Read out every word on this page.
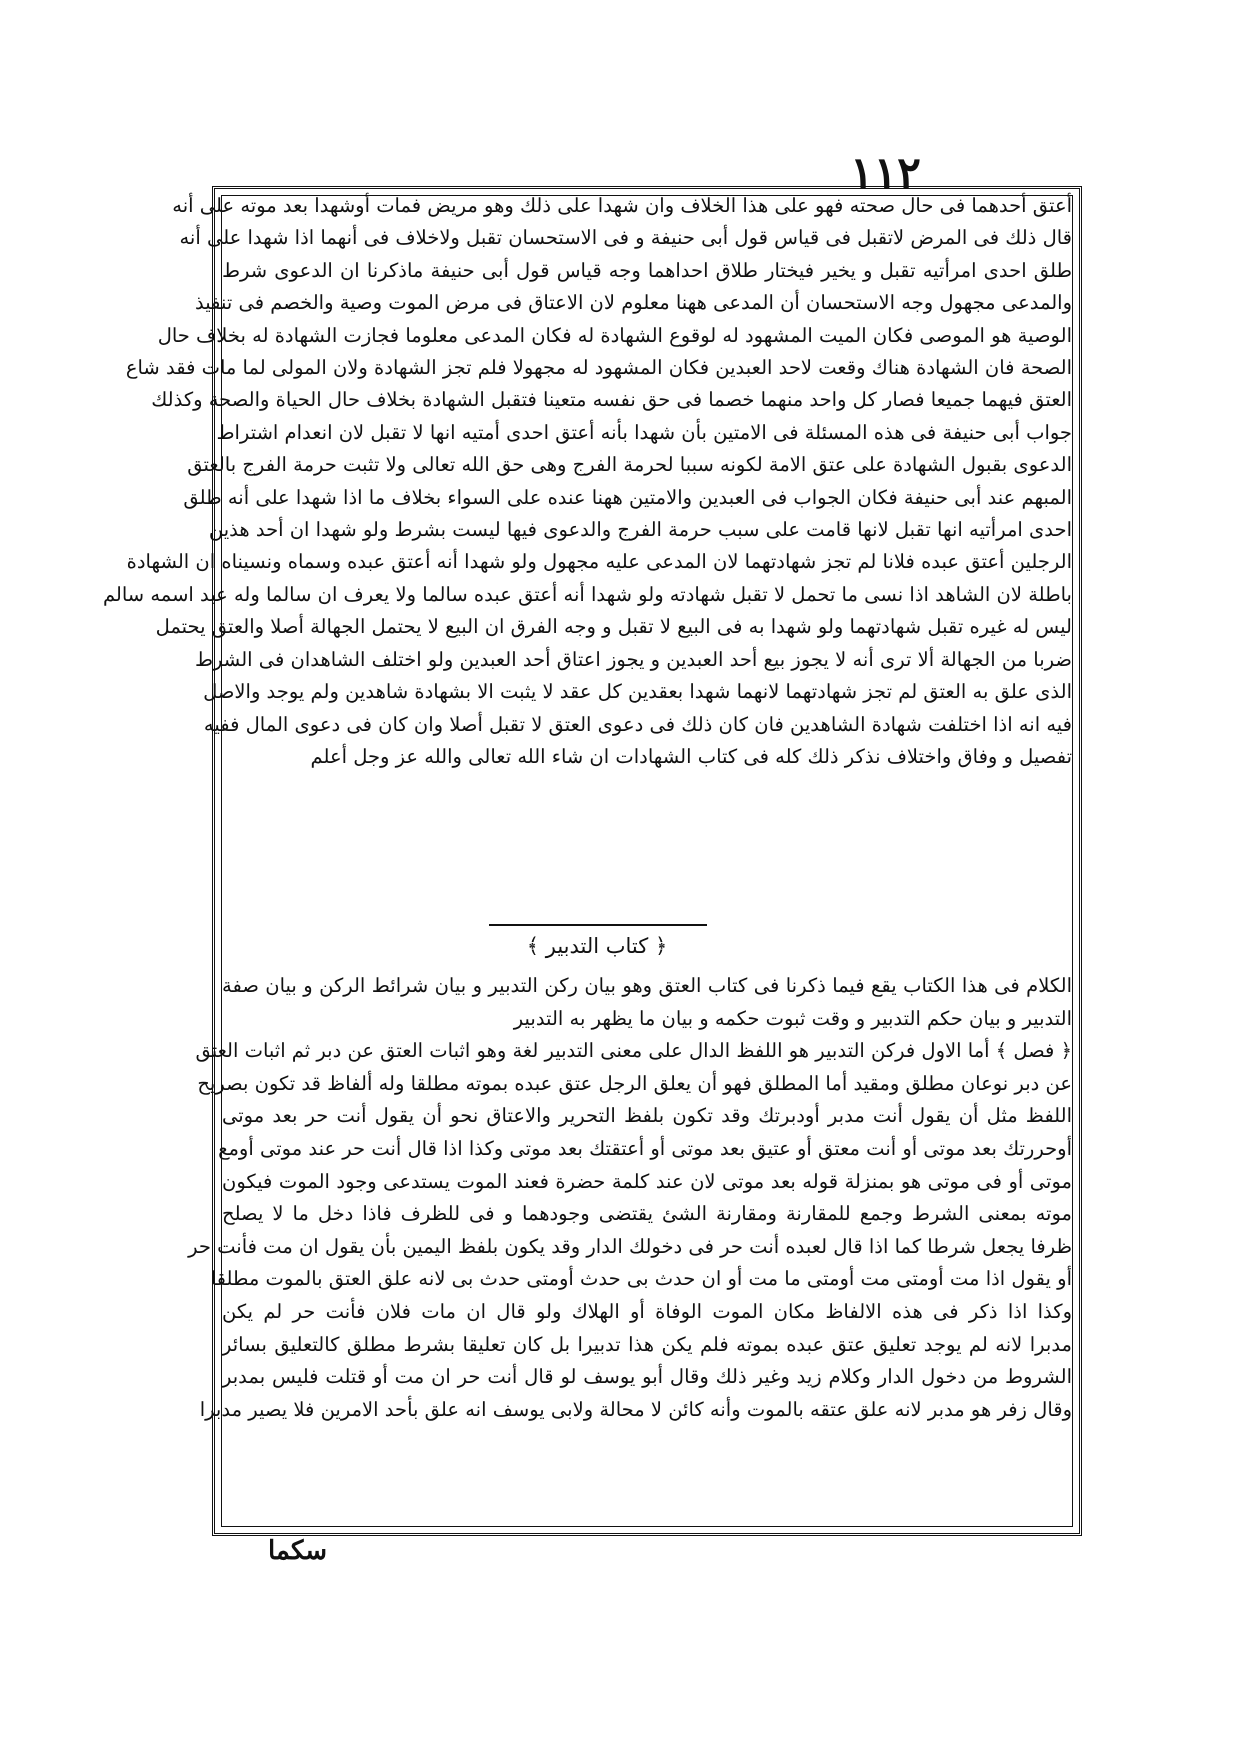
١١٢
أعتق أحدهما فى حال صحته فهو على هذا الخلاف وان شهدا على ذلك وهو مريض فمات أوشهدا بعد موته على أنه
قال ذلك فى المرض لاتقبل فى قياس قول أبى حنيفة و فى الاستحسان تقبل ولاخلاف فى أنهما اذا شهدا على أنه
طلق احدى امرأتيه تقبل و يخير فيختار طلاق احداهما وجه قياس قول أبى حنيفة ماذكرنا ان الدعوى شرط
والمدعى مجهول وجه الاستحسان أن المدعى ههنا معلوم لان الاعتاق فى مرض الموت وصية والخصم فى تنفيذ
الوصية هو الموصى فكان الميت المشهود له لوقوع الشهادة له فكان المدعى معلوما فجازت الشهادة له بخلاف حال
الصحة فان الشهادة هناك وقعت لاحد العبدين فكان المشهود له مجهولا فلم تجز الشهادة ولان المولى لما مات فقد شاع
العتق فيهما جميعا فصار كل واحد منهما خصما فى حق نفسه متعينا فتقبل الشهادة بخلاف حال الحياة والصحة وكذلك
جواب أبى حنيفة فى هذه المسئلة فى الامتين بأن شهدا بأنه أعتق احدى أمتيه انها لا تقبل لان انعدام اشتراط
الدعوى بقبول الشهادة على عتق الامة لكونه سببا لحرمة الفرج وهى حق الله تعالى ولا تثبت حرمة الفرج بالعتق
المبهم عند أبى حنيفة فكان الجواب فى العبدين والامتين ههنا عنده على السواء بخلاف ما اذا شهدا على أنه طلق
احدى امرأتيه انها تقبل لانها قامت على سبب حرمة الفرج والدعوى فيها ليست بشرط ولو شهدا ان أحد هذين
الرجلين أعتق عبده فلانا لم تجز شهادتهما لان المدعى عليه مجهول ولو شهدا أنه أعتق عبده وسماه ونسيناه ان الشهادة
باطلة لان الشاهد اذا نسى ما تحمل لا تقبل شهادته ولو شهدا أنه أعتق عبده سالما ولا يعرف ان سالما وله عبد اسمه سالم
ليس له غيره تقبل شهادتهما ولو شهدا به فى البيع لا تقبل و وجه الفرق ان البيع لا يحتمل الجهالة أصلا والعتق يحتمل
ضربا من الجهالة ألا ترى أنه لا يجوز بيع أحد العبدين و يجوز اعتاق أحد العبدين ولو اختلف الشاهدان فى الشرط
الذى علق به العتق لم تجز شهادتهما لانهما شهدا بعقدين كل عقد لا يثبت الا بشهادة شاهدين ولم يوجد والاصل
فيه انه اذا اختلفت شهادة الشاهدين فان كان ذلك فى دعوى العتق لا تقبل أصلا وان كان فى دعوى المال ففيه
تفصيل و وفاق واختلاف نذكر ذلك كله فى كتاب الشهادات ان شاء الله تعالى والله عز وجل أعلم
﴿ كتاب التدبير ﴾
الكلام فى هذا الكتاب يقع فيما ذكرنا فى كتاب العتق وهو بيان ركن التدبير و بيان شرائط الركن و بيان صفة
التدبير و بيان حكم التدبير و وقت ثبوت حكمه و بيان ما يظهر به التدبير
﴿ فصل ﴾ أما الاول فركن التدبير هو اللفظ الدال على معنى التدبير لغة وهو اثبات العتق عن دبر ثم اثبات العتق
عن دبر نوعان مطلق ومقيد أما المطلق فهو أن يعلق الرجل عتق عبده بموته مطلقا وله ألفاظ قد تكون بصريح
اللفظ مثل أن يقول أنت مدبر أودبرتك وقد تكون بلفظ التحرير والاعتاق نحو أن يقول أنت حر بعد موتى
أوحررتك بعد موتى أو أنت معتق أو عتيق بعد موتى أو أعتقتك بعد موتى وكذا اذا قال أنت حر عند موتى أومع
موتى أو فى موتى هو بمنزلة قوله بعد موتى لان عند كلمة حضرة فعند الموت يستدعى وجود الموت فيكون
موته بمعنى الشرط وجمع للمقارنة ومقارنة الشئ يقتضى وجودهما و فى للظرف فاذا دخل ما لا يصلح
ظرفا يجعل شرطا كما اذا قال لعبده أنت حر فى دخولك الدار وقد يكون بلفظ اليمين بأن يقول ان مت فأنت حر
أو يقول اذا مت أومتى مت أومتى ما مت أو ان حدث بى حدث أومتى حدث بى لانه علق العتق بالموت مطلقا
وكذا اذا ذكر فى هذه الالفاظ مكان الموت الوفاة أو الهلاك ولو قال ان مات فلان فأنت حر لم يكن
مدبرا لانه لم يوجد تعليق عتق عبده بموته فلم يكن هذا تدبيرا بل كان تعليقا بشرط مطلق كالتعليق بسائر
الشروط من دخول الدار وكلام زيد وغير ذلك وقال أبو يوسف لو قال أنت حر ان مت أو قتلت فليس بمدبر
وقال زفر هو مدبر لانه علق عتقه بالموت وأنه كائن لا محالة ولابى يوسف انه علق بأحد الامرين فلا يصير مدبرا
سكما
